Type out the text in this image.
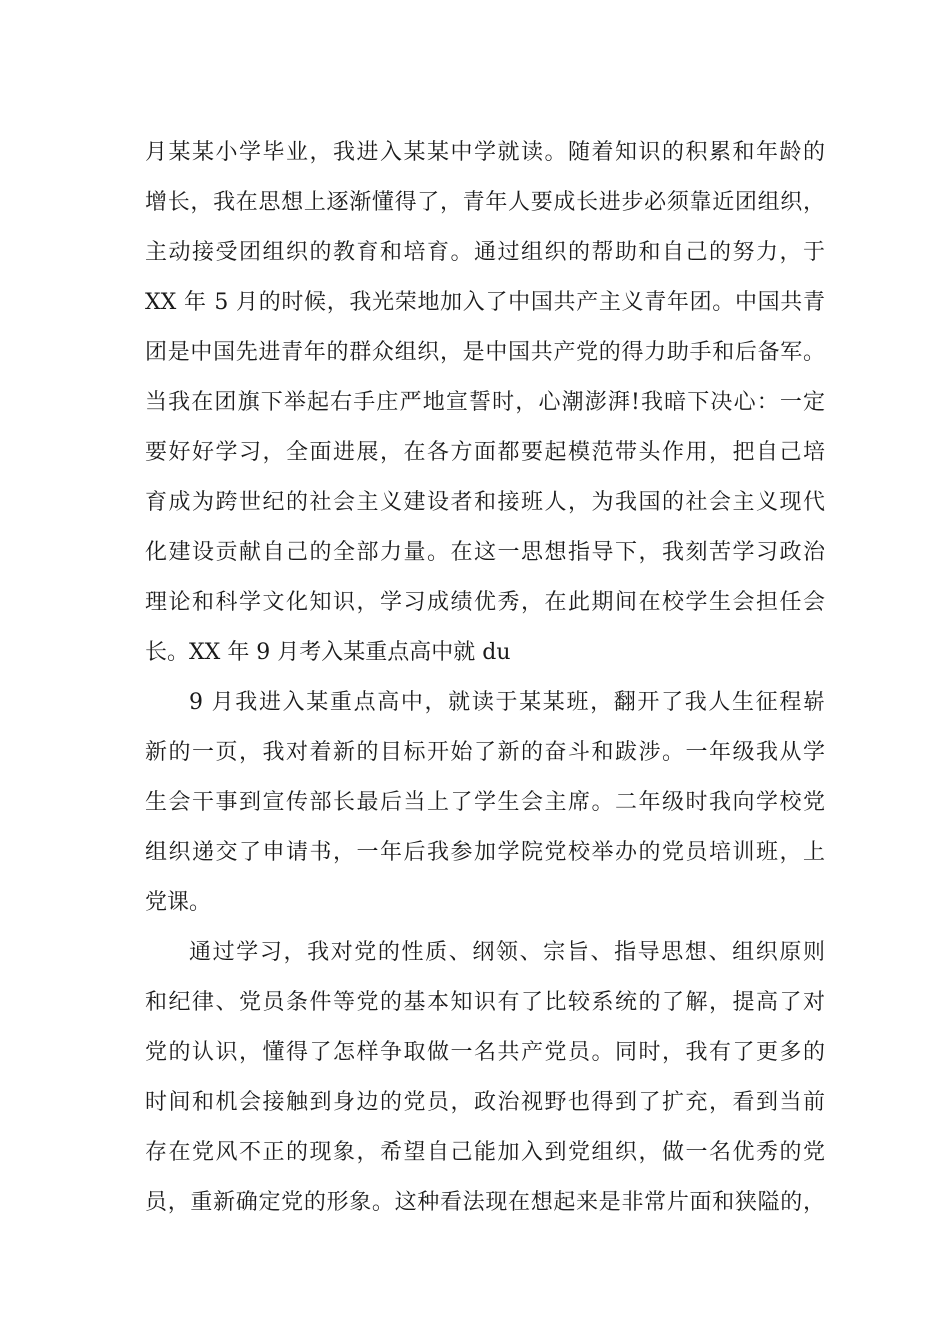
月某某小学毕业，我进入某某中学就读。随着知识的积累和年龄的
增长，我在思想上逐渐懂得了，青年人要成长进步必须靠近团组织，
主动接受团组织的教育和培育。通过组织的帮助和自己的努力，于
XX 年 5 月的时候，我光荣地加入了中国共产主义青年团。中国共青
团是中国先进青年的群众组织，是中国共产党的得力助手和后备军。
当我在团旗下举起右手庄严地宣誓时，心潮澎湃!我暗下决心：一定
要好好学习，全面进展，在各方面都要起模范带头作用，把自己培
育成为跨世纪的社会主义建设者和接班人，为我国的社会主义现代
化建设贡献自己的全部力量。在这一思想指导下，我刻苦学习政治
理论和科学文化知识，学习成绩优秀，在此期间在校学生会担任会
长。XX 年 9 月考入某重点高中就 du
9 月我进入某重点高中，就读于某某班，翻开了我人生征程崭
新的一页，我对着新的目标开始了新的奋斗和跋涉。一年级我从学
生会干事到宣传部长最后当上了学生会主席。二年级时我向学校党
组织递交了申请书，一年后我参加学院党校举办的党员培训班，上
党课。
通过学习，我对党的性质、纲领、宗旨、指导思想、组织原则
和纪律、党员条件等党的基本知识有了比较系统的了解，提高了对
党的认识，懂得了怎样争取做一名共产党员。同时，我有了更多的
时间和机会接触到身边的党员，政治视野也得到了扩充，看到当前
存在党风不正的现象，希望自己能加入到党组织，做一名优秀的党
员，重新确定党的形象。这种看法现在想起来是非常片面和狭隘的，
